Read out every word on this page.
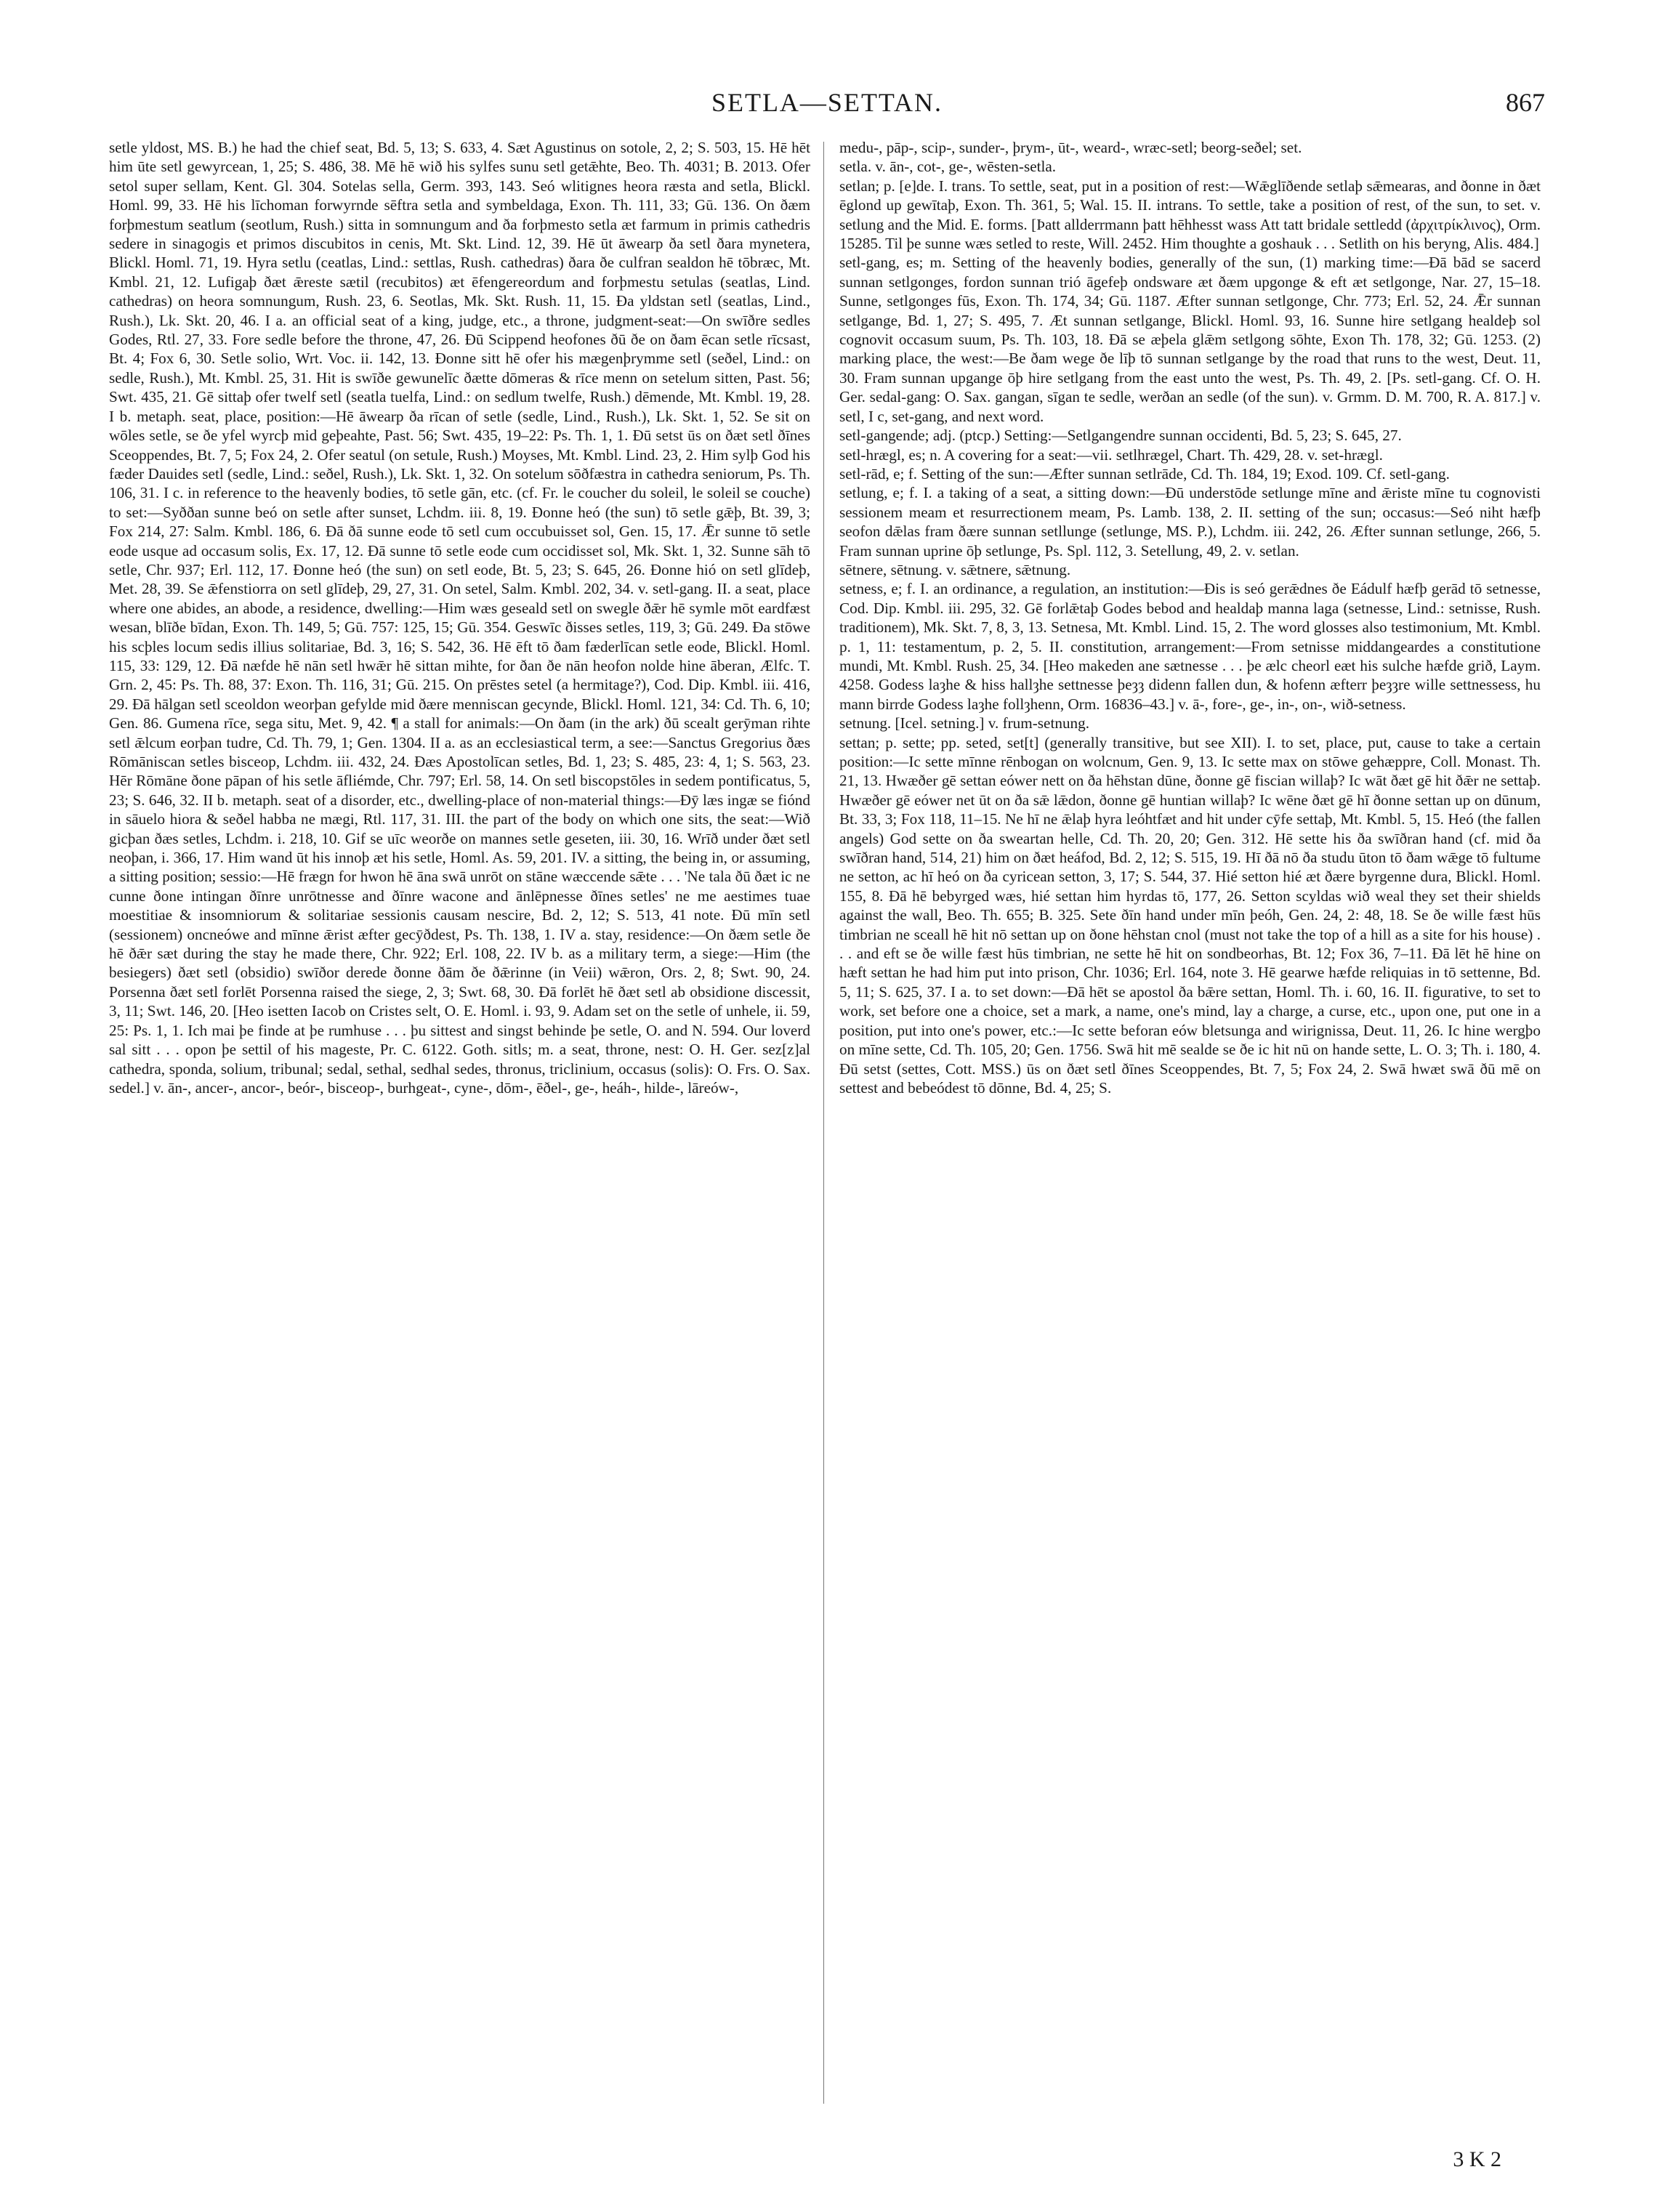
SETLA—SETTAN.	867

setle yldost, MS. B.) he had the chief seat, Bd. 5, 13; S. 633, 4. Sæt Agustinus on sotole, 2, 2; S. 503, 15. Hē hēt him ūte setl gewyrcean, 1, 25; S. 486, 38. Mē hē wið his sylfes sunu setl getǣhte, Beo. Th. 4031; B. 2013. Ofer setol super sellam, Kent. Gl. 304. Sotelas sella, Germ. 393, 143. Seó wlitignes heora ræsta and setla, Blickl. Homl. 99, 33. Hē his līchoman forwyrnde sēftra setla and symbeldaga, Exon. Th. 111, 33; Gū. 136. On ðæm forþmestum seatlum (seotlum, Rush.) sitta in somnungum and ða forþmesto setla æt farmum in primis cathedris sedere in sinagogis et primos discubitos in cenis, Mt. Skt. Lind. 12, 39. Hē ūt āwearp ða setl ðara mynetera, Blickl. Homl. 71, 19. Hyra setlu (ceatlas, Lind.: settlas, Rush. cathedras) ðara ðe culfran sealdon hē tōbræc, Mt. Kmbl. 21, 12. Lufigaþ ðæt ǣreste sætil (recubitos) æt ēfengereordum and forþmestu setulas (seatlas, Lind. cathedras) on heora somnungum, Rush. 23, 6. Seotlas, Mk. Skt. Rush. 11, 15. Ða yldstan setl (seatlas, Lind., Rush.), Lk. Skt. 20, 46. I a. an official seat of a king, judge, etc., a throne, judgment-seat:—On swīðre sedles Godes, Rtl. 27, 33. Fore sedle before the throne, 47, 26. Ðū Scippend heofones ðū ðe on ðam ēcan setle rīcsast, Bt. 4; Fox 6, 30. Setle solio, Wrt. Voc. ii. 142, 13. Ðonne sitt hē ofer his mægenþrymme setl (seðel, Lind.: on sedle, Rush.), Mt. Kmbl. 25, 31. Hit is swīðe gewunelīc ðætte dōmeras & rīce menn on setelum sitten, Past. 56; Swt. 435, 21. Gē sittaþ ofer twelf setl (seatla tuelfa, Lind.: on sedlum twelfe, Rush.) dēmende, Mt. Kmbl. 19, 28. I b. metaph. seat, place, position:—Hē āwearp ða rīcan of setle (sedle, Lind., Rush.), Lk. Skt. 1, 52. Se sit on wōles setle, se ðe yfel wyrcþ mid geþeahte, Past. 56; Swt. 435, 19–22: Ps. Th. 1, 1. Ðū setst ūs on ðæt setl ðīnes Sceoppendes, Bt. 7, 5; Fox 24, 2. Ofer seatul (on setule, Rush.) Moyses, Mt. Kmbl. Lind. 23, 2. Him sylþ God his fæder Dauides setl (sedle, Lind.: seðel, Rush.), Lk. Skt. 1, 32. On sotelum sōðfæstra in cathedra seniorum, Ps. Th. 106, 31. I c. in reference to the heavenly bodies, tō setle gān, etc. (cf. Fr. le coucher du soleil, le soleil se couche) to set:—Syððan sunne beó on setle after sunset, Lchdm. iii. 8, 19. Ðonne heó (the sun) tō setle gǣþ, Bt. 39, 3; Fox 214, 27: Salm. Kmbl. 186, 6. Ðā ðā sunne eode tō setl cum occubuisset sol, Gen. 15, 17. Ǣr sunne tō setle eode usque ad occasum solis, Ex. 17, 12. Ðā sunne tō setle eode cum occidisset sol, Mk. Skt. 1, 32. Sunne sāh tō setle, Chr. 937; Erl. 112, 17. Ðonne heó (the sun) on setl eode, Bt. 5, 23; S. 645, 26. Ðonne hió on setl glīdeþ, Met. 28, 39. Se ǣfenstiorra on setl glīdeþ, 29, 27, 31. On setel, Salm. Kmbl. 202, 34. v. setl-gang. II. a seat, place where one abides, an abode, a residence, dwelling:—Him wæs geseald setl on swegle ðǣr hē symle mōt eardfæst wesan, blīðe bīdan, Exon. Th. 149, 5; Gū. 757: 125, 15; Gū. 354. Geswīc ðisses setles, 119, 3; Gū. 249. Ða stōwe his scþles locum sedis illius solitariae, Bd. 3, 16; S. 542, 36. Hē ēft tō ðam fæderlīcan setle eode, Blickl. Homl. 115, 33: 129, 12. Ðā næfde hē nān setl hwǣr hē sittan mihte, for ðan ðe nān heofon nolde hine āberan, Ælfc. T. Grn. 2, 45: Ps. Th. 88, 37: Exon. Th. 116, 31; Gū. 215. On prēstes setel (a hermitage?), Cod. Dip. Kmbl. iii. 416, 29. Ðā hālgan setl sceoldon weorþan gefylde mid ðære menniscan gecynde, Blickl. Homl. 121, 34: Cd. Th. 6, 10; Gen. 86. Gumena rīce, sega situ, Met. 9, 42. ¶ a stall for animals:—On ðam (in the ark) ðū scealt gerȳman rihte setl ǣlcum eorþan tudre, Cd. Th. 79, 1; Gen. 1304. II a. as an ecclesiastical term, a see:—Sanctus Gregorius ðæs Rōmāniscan setles bisceop, Lchdm. iii. 432, 24. Ðæs Apostolīcan setles, Bd. 1, 23; S. 485, 23: 4, 1; S. 563, 23. Hēr Rōmāne ðone pāpan of his setle āfliémde, Chr. 797; Erl. 58, 14. On setl biscopstōles in sedem pontificatus, 5, 23; S. 646, 32. II b. metaph. seat of a disorder, etc., dwelling-place of non-material things:—Ðȳ læs ingæ se fiónd in sāuelo hiora & seðel habba ne mægi, Rtl. 117, 31. III. the part of the body on which one sits, the seat:—Wið gicþan ðæs setles, Lchdm. i. 218, 10. Gif se uīc weorðe on mannes setle geseten, iii. 30, 16. Wrīð under ðæt setl neoþan, i. 366, 17. Him wand ūt his innoþ æt his setle, Homl. As. 59, 201. IV. a sitting, the being in, or assuming, a sitting position; sessio:—Hē frægn for hwon hē āna swā unrōt on stāne wæccende sǣte . . . 'Ne tala ðū ðæt ic ne cunne ðone intingan ðīnre unrōtnesse and ðīnre wacone and ānlēpnesse ðīnes setles' ne me aestimes tuae moestitiae & insomniorum & solitariae sessionis causam nescire, Bd. 2, 12; S. 513, 41 note. Ðū mīn setl (sessionem) oncneówe and mīnne ǣrist æfter gecȳðdest, Ps. Th. 138, 1. IV a. stay, residence:—On ðæm setle ðe hē ðǣr sæt during the stay he made there, Chr. 922; Erl. 108, 22. IV b. as a military term, a siege:—Him (the besiegers) ðæt setl (obsidio) swīðor derede ðonne ðām ðe ðǣrinne (in Veii) wǣron, Ors. 2, 8; Swt. 90, 24. Porsenna ðæt setl forlēt Porsenna raised the siege, 2, 3; Swt. 68, 30. Ðā forlēt hē ðæt setl ab obsidione discessit, 3, 11; Swt. 146, 20. [Heo isetten Iacob on Cristes selt, O. E. Homl. i. 93, 9. Adam set on the setle of unhele, ii. 59, 25: Ps. 1, 1. Ich mai þe finde at þe rumhuse . . . þu sittest and singst behinde þe setle, O. and N. 594. Our loverd sal sitt . . . opon þe settil of his mageste, Pr. C. 6122. Goth. sitls; m. a seat, throne, nest: O. H. Ger. sez[z]al cathedra, sponda, solium, tribunal; sedal, sethal, sedhal sedes, thronus, triclinium, occasus (solis): O. Frs. O. Sax. sedel.] v. ān-, ancer-, ancor-, beór-, bisceop-, burhgeat-, cyne-, dōm-, ēðel-, ge-, heáh-, hilde-, lāreów-,

medu-, pāp-, scip-, sunder-, þrym-, ūt-, weard-, wræc-setl; beorg-seðel; set.

setla. v. ān-, cot-, ge-, wēsten-setla.

setlan; p. [e]de. I. trans. To settle, seat, put in a position of rest:—Wǣglīðende setlaþ sǣmearas, and ðonne in ðæt ēglond up gewītaþ, Exon. Th. 361, 5; Wal. 15. II. intrans. To settle, take a position of rest, of the sun, to set. v. setlung and the Mid. E. forms. [Þatt allderrmann þatt hēhhesst wass Att tatt bridale settledd (ἀρχιτρίκλινος), Orm. 15285. Til þe sunne wæs setled to reste, Will. 2452. Him thoughte a goshauk . . . Setlith on his beryng, Alis. 484.]

setl-gang, es; m. Setting of the heavenly bodies, generally of the sun, (1) marking time:—Ðā bād se sacerd sunnan setlgonges, fordon sunnan trió āgefeþ ondsware æt ðæm upgonge & eft æt setlgonge, Nar. 27, 15–18. Sunne, setlgonges fūs, Exon. Th. 174, 34; Gū. 1187. Æfter sunnan setlgonge, Chr. 773; Erl. 52, 24. Ǣr sunnan setlgange, Bd. 1, 27; S. 495, 7. Æt sunnan setlgange, Blickl. Homl. 93, 16. Sunne hire setlgang healdeþ sol cognovit occasum suum, Ps. Th. 103, 18. Ðā se æþela glǣm setlgong sōhte, Exon Th. 178, 32; Gū. 1253. (2) marking place, the west:—Be ðam wege ðe līþ tō sunnan setlgange by the road that runs to the west, Deut. 11, 30. Fram sunnan upgange ōþ hire setlgang from the east unto the west, Ps. Th. 49, 2. [Ps. setl-gang. Cf. O. H. Ger. sedal-gang: O. Sax. gangan, sīgan te sedle, werðan an sedle (of the sun). v. Grmm. D. M. 700, R. A. 817.] v. setl, I c, set-gang, and next word.

setl-gangende; adj. (ptcp.) Setting:—Setlgangendre sunnan occidenti, Bd. 5, 23; S. 645, 27.

setl-hrægl, es; n. A covering for a seat:—vii. setlhrægel, Chart. Th. 429, 28. v. set-hrægl.

setl-rād, e; f. Setting of the sun:—Æfter sunnan setlrāde, Cd. Th. 184, 19; Exod. 109. Cf. setl-gang.

setlung, e; f. I. a taking of a seat, a sitting down:—Ðū understōde setlunge mīne and ǣriste mīne tu cognovisti sessionem meam et resurrectionem meam, Ps. Lamb. 138, 2. II. setting of the sun; occasus:—Seó niht hæfþ seofon dǣlas fram ðære sunnan setllunge (setlunge, MS. P.), Lchdm. iii. 242, 26. Æfter sunnan setlunge, 266, 5. Fram sunnan uprine ōþ setlunge, Ps. Spl. 112, 3. Setellung, 49, 2. v. setlan.

sētnere, sētnung. v. sǣtnere, sǣtnung.

setness, e; f. I. an ordinance, a regulation, an institution:—Ðis is seó gerǣdnes ðe Eádulf hæfþ gerād tō setnesse, Cod. Dip. Kmbl. iii. 295, 32. Gē forlǣtaþ Godes bebod and healdaþ manna laga (setnesse, Lind.: setnisse, Rush. traditionem), Mk. Skt. 7, 8, 3, 13. Setnesa, Mt. Kmbl. Lind. 15, 2. The word glosses also testimonium, Mt. Kmbl. p. 1, 11: testamentum, p. 2, 5. II. constitution, arrangement:—From setnisse middangeardes a constitutione mundi, Mt. Kmbl. Rush. 25, 34. [Heo makeden ane sætnesse . . . þe ælc cheorl eæt his sulche hæfde grið, Laym. 4258. Godess laȝhe & hiss hallȝhe settnesse þeȝȝ didenn fallen dun, & hofenn æfterr þeȝȝre wille settnessess, hu mann birrde Godess laȝhe follȝhenn, Orm. 16836–43.] v. ā-, fore-, ge-, in-, on-, wið-setness.

setnung. [Icel. setning.] v. frum-setnung.

settan; p. sette; pp. seted, set[t] (generally transitive, but see XII). I. to set, place, put, cause to take a certain position:—Ic sette mīnne rēnbogan on wolcnum, Gen. 9, 13. Ic sette max on stōwe gehæppre, Coll. Monast. Th. 21, 13. Hwæðer gē settan eówer nett on ða hēhstan dūne, ðonne gē fiscian willaþ? Ic wāt ðæt gē hit ðǣr ne settaþ. Hwæðer gē eówer net ūt on ða sǣ lǣdon, ðonne gē huntian willaþ? Ic wēne ðæt gē hī ðonne settan up on dūnum, Bt. 33, 3; Fox 118, 11–15. Ne hī ne ǣlaþ hyra leóhtfæt and hit under cȳfe settaþ, Mt. Kmbl. 5, 15. Heó (the fallen angels) God sette on ða sweartan helle, Cd. Th. 20, 20; Gen. 312. Hē sette his ða swīðran hand (cf. mid ða swīðran hand, 514, 21) him on ðæt heáfod, Bd. 2, 12; S. 515, 19. Hī ðā nō ða studu ūton tō ðam wǣge tō fultume ne setton, ac hī heó on ða cyricean setton, 3, 17; S. 544, 37. Hié setton hié æt ðære byrgenne dura, Blickl. Homl. 155, 8. Ðā hē bebyrged wæs, hié settan him hyrdas tō, 177, 26. Setton scyldas wið weal they set their shields against the wall, Beo. Th. 655; B. 325. Sete ðīn hand under mīn þeóh, Gen. 24, 2: 48, 18. Se ðe wille fæst hūs timbrian ne sceall hē hit nō settan up on ðone hēhstan cnol (must not take the top of a hill as a site for his house) . . . and eft se ðe wille fæst hūs timbrian, ne sette hē hit on sondbeorhas, Bt. 12; Fox 36, 7–11. Ðā lēt hē hine on hæft settan he had him put into prison, Chr. 1036; Erl. 164, note 3. Hē gearwe hæfde reliquias in tō settenne, Bd. 5, 11; S. 625, 37. I a. to set down:—Ðā hēt se apostol ða bǣre settan, Homl. Th. i. 60, 16. II. figurative, to set to work, set before one a choice, set a mark, a name, one's mind, lay a charge, a curse, etc., upon one, put one in a position, put into one's power, etc.:—Ic sette beforan eów bletsunga and wirignissa, Deut. 11, 26. Ic hine wergþo on mīne sette, Cd. Th. 105, 20; Gen. 1756. Swā hit mē sealde se ðe ic hit nū on hande sette, L. O. 3; Th. i. 180, 4. Ðū setst (settes, Cott. MSS.) ūs on ðæt setl ðīnes Sceoppendes, Bt. 7, 5; Fox 24, 2. Swā hwæt swā ðū mē on settest and bebeódest tō dōnne, Bd. 4, 25; S.

3 K 2
